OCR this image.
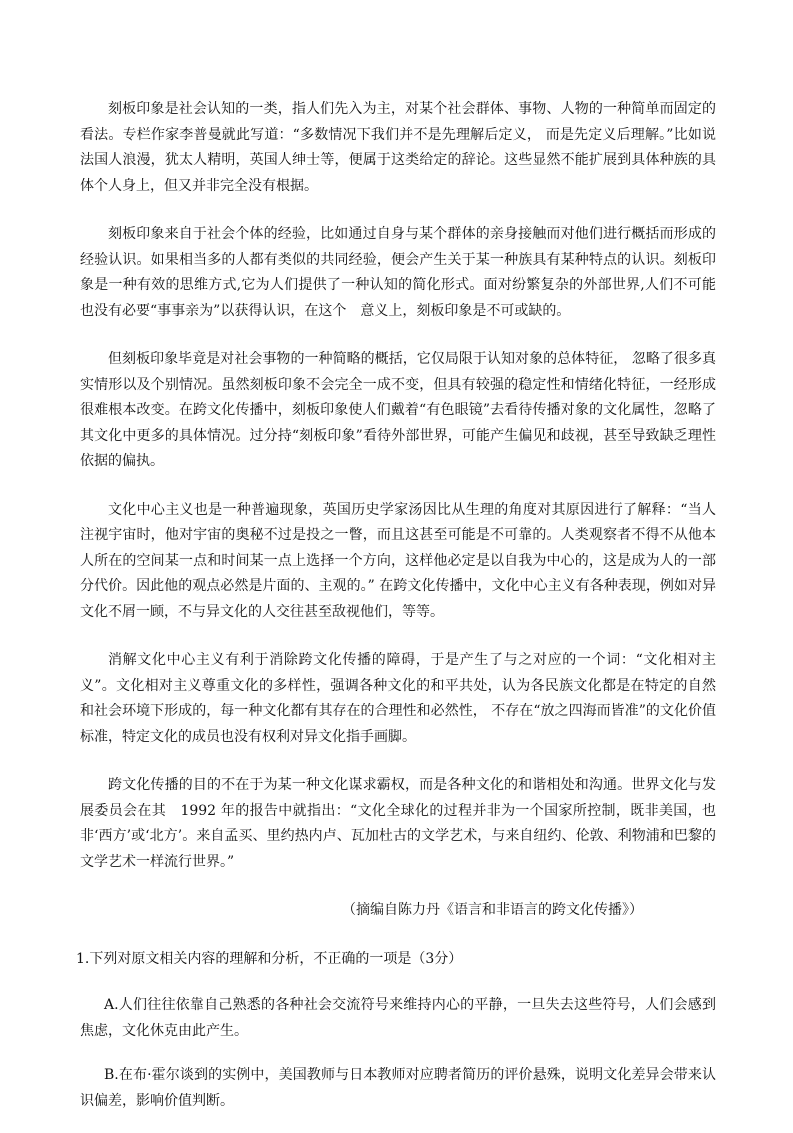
刻板印象是社会认知的一类，指人们先入为主，对某个社会群体、事物、人物的一种简单而固定的看法。专栏作家李普曼就此写道：“多数情况下我们并不是先理解后定义， 而是先定义后理解。”比如说法国人浪漫，犹太人精明，英国人绅士等，便属于这类给定的辞论。这些显然不能扩展到具体种族的具体个人身上，但又并非完全没有根据。

刻板印象来自于社会个体的经验，比如通过自身与某个群体的亲身接触而对他们进行概括而形成的经验认识。如果相当多的人都有类似的共同经验，便会产生关于某一种族具有某种特点的认识。刻板印象是一种有效的思维方式,它为人们提供了一种认知的简化形式。面对纷繁复杂的外部世界,人们不可能也没有必要“事事亲为”以获得认识，在这个　意义上，刻板印象是不可或缺的。

但刻板印象毕竟是对社会事物的一种简略的概括，它仅局限于认知对象的总体特征， 忽略了很多真实情形以及个别情况。虽然刻板印象不会完全一成不变，但具有较强的稳定性和情绪化特征，一经形成很难根本改变。在跨文化传播中，刻板印象使人们戴着“有色眼镜”去看待传播对象的文化属性，忽略了其文化中更多的具体情况。过分持“刻板印象”看待外部世界，可能产生偏见和歧视，甚至导致缺乏理性依据的偏执。

文化中心主义也是一种普遍现象，英国历史学家汤因比从生理的角度对其原因进行了解释：“当人注视宇宙时，他对宇宙的奥秘不过是投之一瞥，而且这甚至可能是不可靠的。人类观察者不得不从他本人所在的空间某一点和时间某一点上选择一个方向，这样他必定是以自我为中心的，这是成为人的一部分代价。因此他的观点必然是片面的、主观的。” 在跨文化传播中，文化中心主义有各种表现，例如对异文化不屑一顾，不与异文化的人交往甚至敌视他们，等等。

消解文化中心主义有利于消除跨文化传播的障碍，于是产生了与之对应的一个词：“文化相对主义”。文化相对主义尊重文化的多样性，强调各种文化的和平共处，认为各民族文化都是在特定的自然和社会环境下形成的，每一种文化都有其存在的合理性和必然性， 不存在“放之四海而皆准”的文化价值标准，特定文化的成员也没有权利对异文化指手画脚。

跨文化传播的目的不在于为某一种文化谋求霸权，而是各种文化的和谐相处和沟通。世界文化与发展委员会在其　1992 年的报告中就指出：“文化全球化的过程并非为一个国家所控制，既非美国，也非‘西方’或‘北方’。来自孟买、里约热内卢、瓦加杜古的文学艺术，与来自纽约、伦敦、利物浦和巴黎的文学艺术一样流行世界。”

（摘编自陈力丹《语言和非语言的跨文化传播》）

1.下列对原文相关内容的理解和分析，不正确的一项是（3分）

A.人们往往依靠自己熟悉的各种社会交流符号来维持内心的平静，一旦失去这些符号，人们会感到焦虑，文化休克由此产生。

B.在布·霍尔谈到的实例中，美国教师与日本教师对应聘者简历的评价悬殊，说明文化差异会带来认识偏差，影响价值判断。
